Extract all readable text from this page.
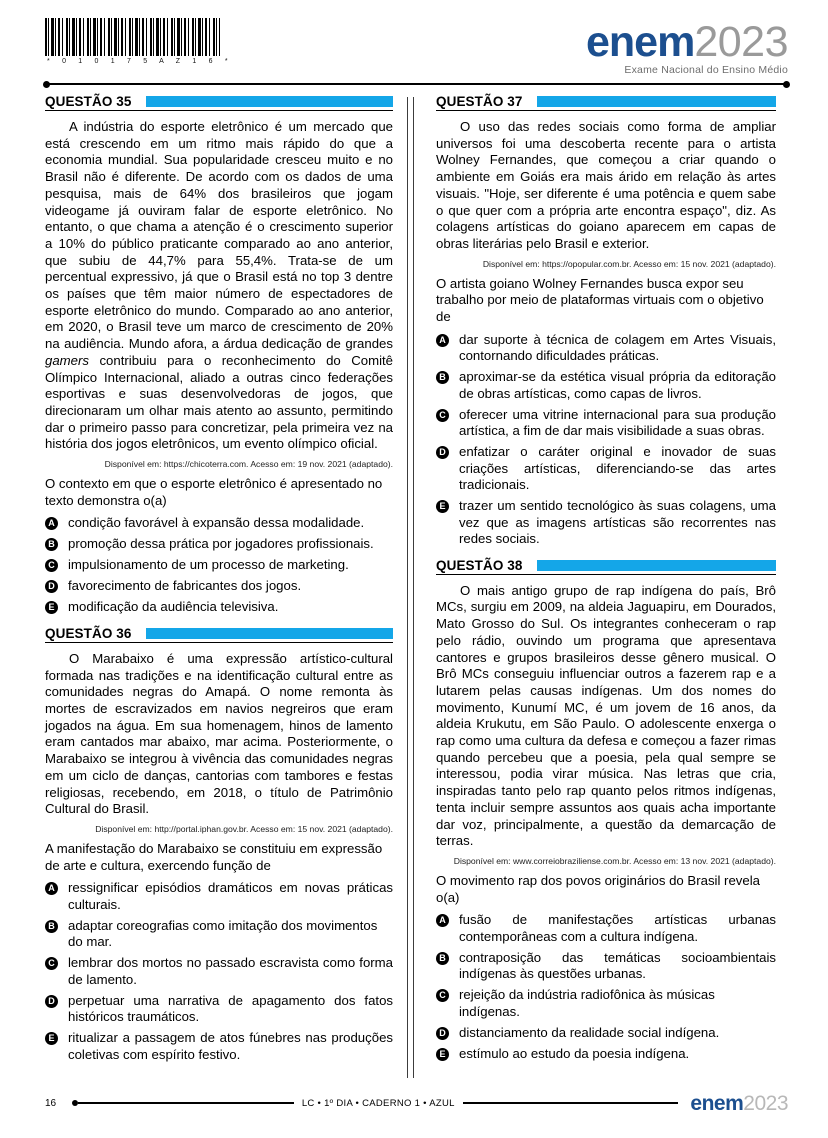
* 0 1 0 1 7 5 A Z 1 6 *	enem2023
Exame Nacional do Ensino Médio
QUESTÃO 35

A indústria do esporte eletrônico é um mercado que está crescendo em um ritmo mais rápido do que a economia mundial. Sua popularidade cresceu muito e no Brasil não é diferente. De acordo com os dados de uma pesquisa, mais de 64% dos brasileiros que jogam videogame já ouviram falar de esporte eletrônico. No entanto, o que chama a atenção é o crescimento superior a 10% do público praticante comparado ao ano anterior, que subiu de 44,7% para 55,4%. Trata-se de um percentual expressivo, já que o Brasil está no top 3 dentre os países que têm maior número de espectadores de esporte eletrônico do mundo. Comparado ao ano anterior, em 2020, o Brasil teve um marco de crescimento de 20% na audiência. Mundo afora, a árdua dedicação de grandes gamers contribuiu para o reconhecimento do Comitê Olímpico Internacional, aliado a outras cinco federações esportivas e suas desenvolvedoras de jogos, que direcionaram um olhar mais atento ao assunto, permitindo dar o primeiro passo para concretizar, pela primeira vez na história dos jogos eletrônicos, um evento olímpico oficial.

Disponível em: https://chicoterra.com. Acesso em: 19 nov. 2021 (adaptado).
O contexto em que o esporte eletrônico é apresentado no texto demonstra o(a)
A condição favorável à expansão dessa modalidade.
B promoção dessa prática por jogadores profissionais.
C impulsionamento de um processo de marketing.
D favorecimento de fabricantes dos jogos.
E modificação da audiência televisiva.
QUESTÃO 36

O Marabaixo é uma expressão artístico-cultural formada nas tradições e na identificação cultural entre as comunidades negras do Amapá. O nome remonta às mortes de escravizados em navios negreiros que eram jogados na água. Em sua homenagem, hinos de lamento eram cantados mar abaixo, mar acima. Posteriormente, o Marabaixo se integrou à vivência das comunidades negras em um ciclo de danças, cantorias com tambores e festas religiosas, recebendo, em 2018, o título de Patrimônio Cultural do Brasil.

Disponível em: http://portal.iphan.gov.br. Acesso em: 15 nov. 2021 (adaptado).
A manifestação do Marabaixo se constituiu em expressão de arte e cultura, exercendo função de
A ressignificar episódios dramáticos em novas práticas culturais.
B adaptar coreografias como imitação dos movimentos do mar.
C lembrar dos mortos no passado escravista como forma de lamento.
D perpetuar uma narrativa de apagamento dos fatos históricos traumáticos.
E ritualizar a passagem de atos fúnebres nas produções coletivas com espírito festivo.
QUESTÃO 37

O uso das redes sociais como forma de ampliar universos foi uma descoberta recente para o artista Wolney Fernandes, que começou a criar quando o ambiente em Goiás era mais árido em relação às artes visuais. "Hoje, ser diferente é uma potência e quem sabe o que quer com a própria arte encontra espaço", diz. As colagens artísticas do goiano aparecem em capas de obras literárias pelo Brasil e exterior.

Disponível em: https://opopular.com.br. Acesso em: 15 nov. 2021 (adaptado).
O artista goiano Wolney Fernandes busca expor seu trabalho por meio de plataformas virtuais com o objetivo de
A dar suporte à técnica de colagem em Artes Visuais, contornando dificuldades práticas.
B aproximar-se da estética visual própria da editoração de obras artísticas, como capas de livros.
C oferecer uma vitrine internacional para sua produção artística, a fim de dar mais visibilidade a suas obras.
D enfatizar o caráter original e inovador de suas criações artísticas, diferenciando-se das artes tradicionais.
E trazer um sentido tecnológico às suas colagens, uma vez que as imagens artísticas são recorrentes nas redes sociais.
QUESTÃO 38

O mais antigo grupo de rap indígena do país, Brô MCs, surgiu em 2009, na aldeia Jaguapiru, em Dourados, Mato Grosso do Sul. Os integrantes conheceram o rap pelo rádio, ouvindo um programa que apresentava cantores e grupos brasileiros desse gênero musical. O Brô MCs conseguiu influenciar outros a fazerem rap e a lutarem pelas causas indígenas. Um dos nomes do movimento, Kunumí MC, é um jovem de 16 anos, da aldeia Krukutu, em São Paulo. O adolescente enxerga o rap como uma cultura da defesa e começou a fazer rimas quando percebeu que a poesia, pela qual sempre se interessou, podia virar música. Nas letras que cria, inspiradas tanto pelo rap quanto pelos ritmos indígenas, tenta incluir sempre assuntos aos quais acha importante dar voz, principalmente, a questão da demarcação de terras.

Disponível em: www.correiobraziliense.com.br. Acesso em: 13 nov. 2021 (adaptado).
O movimento rap dos povos originários do Brasil revela o(a)
A fusão de manifestações artísticas urbanas contemporâneas com a cultura indígena.
B contraposição das temáticas socioambientais indígenas às questões urbanas.
C rejeição da indústria radiofônica às músicas indígenas.
D distanciamento da realidade social indígena.
E estímulo ao estudo da poesia indígena.
16	LC • 1º DIA • CADERNO 1 • AZUL	enem2023
